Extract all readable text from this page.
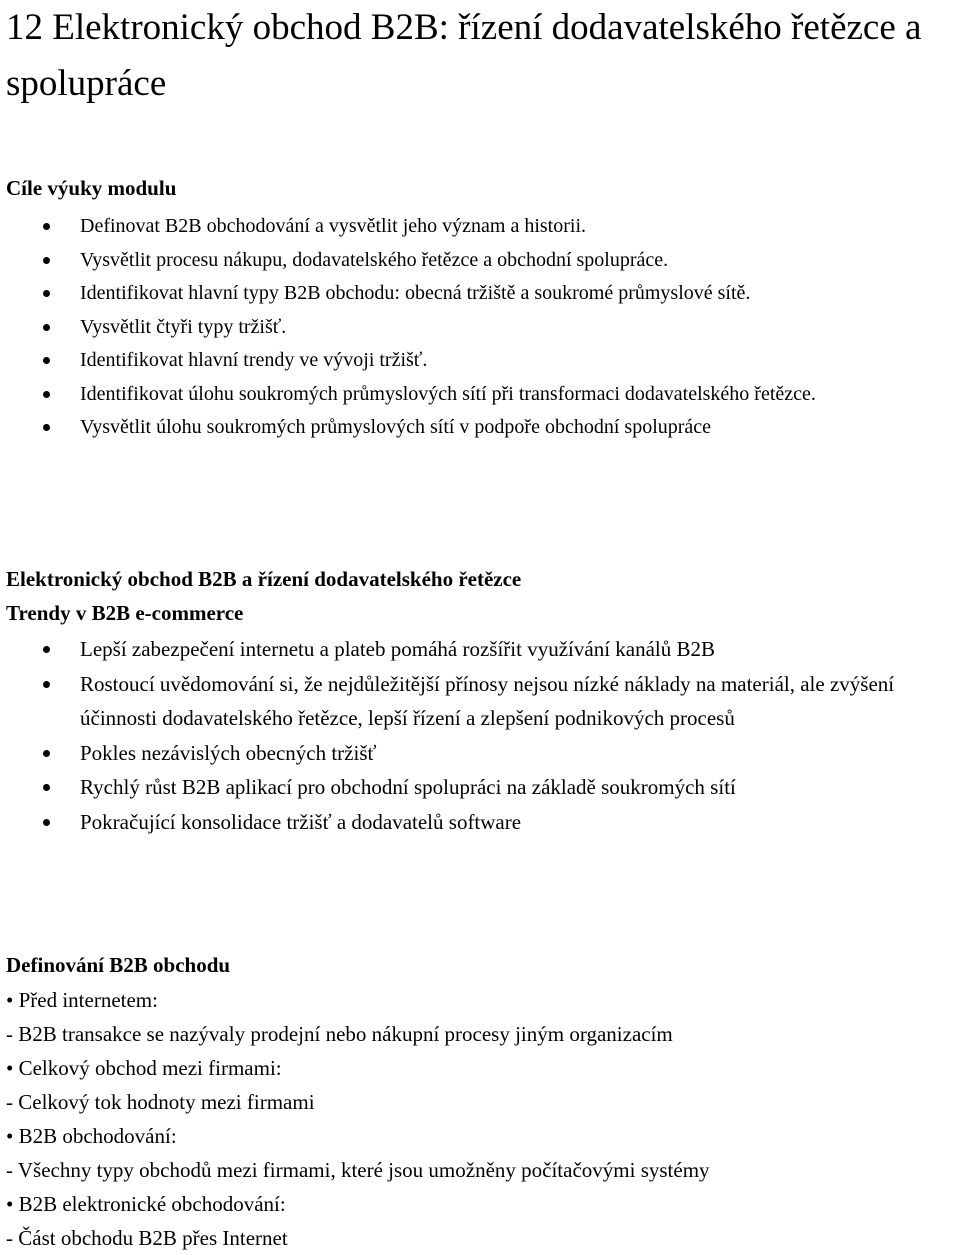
12 Elektronický obchod B2B: řízení dodavatelského řetězce a spolupráce

Cíle výuky modulu

Definovat B2B obchodování a vysvětlit jeho význam a historii.
Vysvětlit procesu nákupu, dodavatelského řetězce a obchodní spolupráce.
Identifikovat hlavní typy B2B obchodu: obecná tržiště a soukromé průmyslové sítě.
Vysvětlit čtyři typy tržišť.
Identifikovat hlavní trendy ve vývoji tržišť.
Identifikovat úlohu soukromých průmyslových sítí při transformaci dodavatelského řetězce.
Vysvětlit úlohu soukromých průmyslových sítí v podpoře obchodní spolupráce

Elektronický obchod B2B a řízení dodavatelského řetězce

Trendy v B2B e-commerce

Lepší zabezpečení internetu a plateb pomáhá rozšířit využívání kanálů B2B
Rostoucí uvědomování si, že nejdůležitější přínosy nejsou nízké náklady na materiál, ale zvýšení účinnosti dodavatelského řetězce, lepší řízení a zlepšení podnikových procesů
Pokles nezávislých obecných tržišť
Rychlý růst B2B aplikací pro obchodní spolupráci na základě soukromých sítí
Pokračující konsolidace tržišť a dodavatelů software

Definování B2B obchodu

• Před internetem:
- B2B transakce se nazývaly prodejní nebo nákupní procesy jiným organizacím
• Celkový obchod mezi firmami:
- Celkový tok hodnoty mezi firmami
• B2B obchodování:
- Všechny typy obchodů mezi firmami, které jsou umožněny počítačovými systémy
• B2B elektronické obchodování:
- Část obchodu B2B přes Internet
